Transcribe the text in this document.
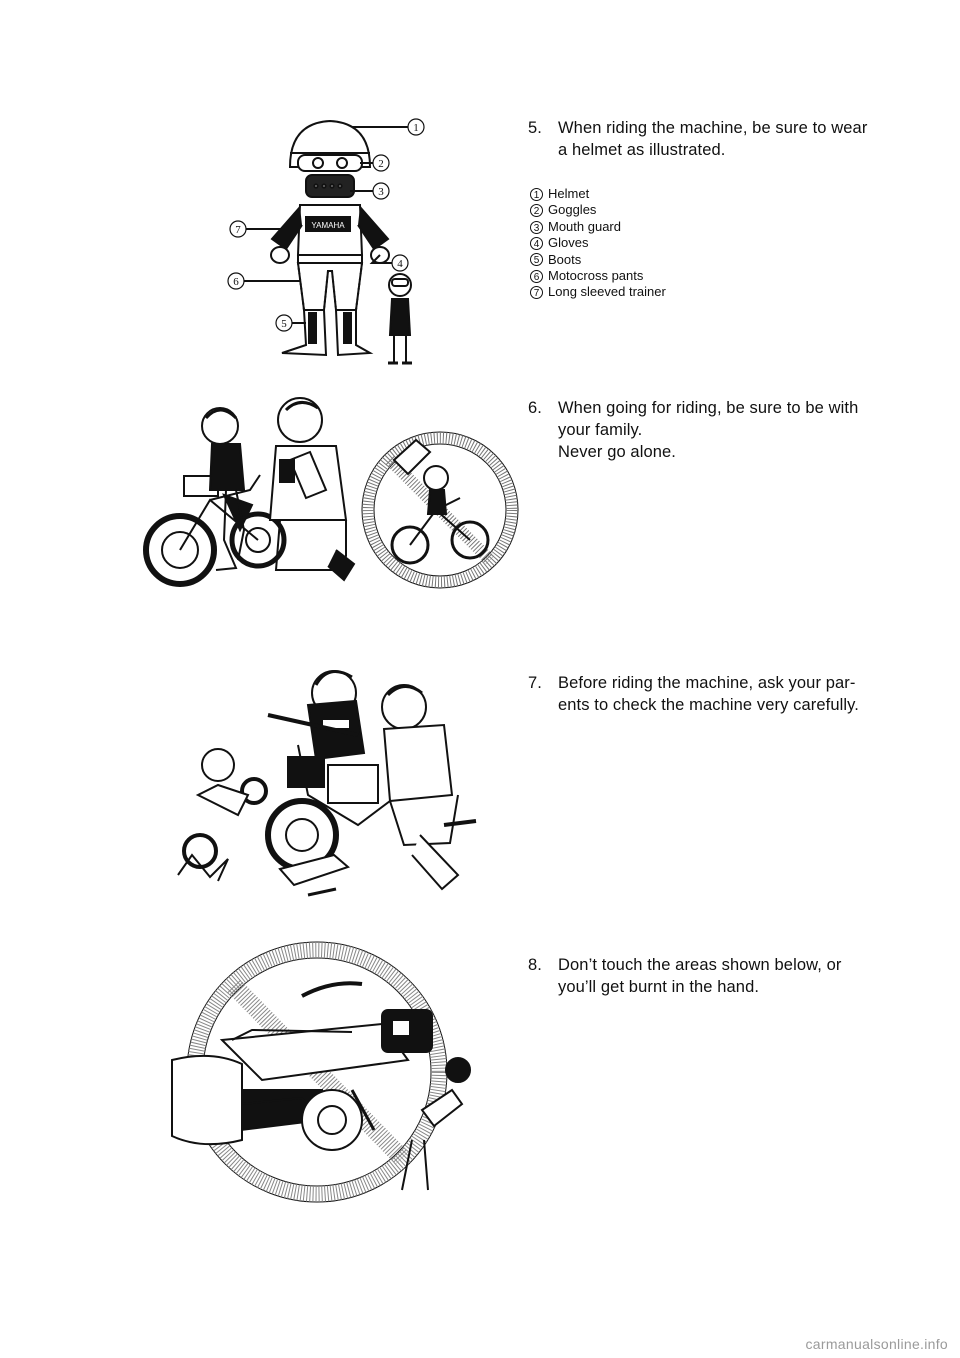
1
2
3
4
5
6
7	YAMAHA
5. When riding the machine, be sure to wear
a helmet as illustrated.
1 Helmet
2 Goggles
3 Mouth guard
4 Gloves
5 Boots
6 Motocross pants
7 Long sleeved trainer
6. When going for riding, be sure to be with
your family.
Never go alone.
7. Before riding the machine, ask your par-
ents to check the machine very carefully.
8. Don’t touch the areas shown below, or
you’ll get burnt in the hand.
carmanualsonline.info
